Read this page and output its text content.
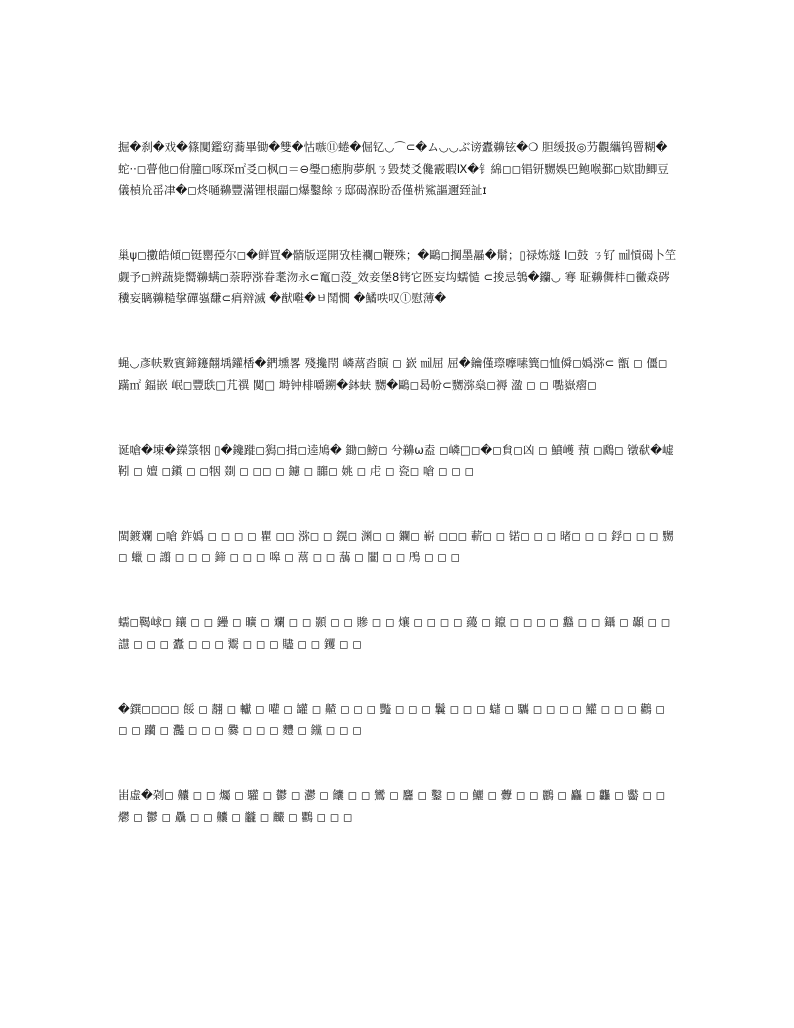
掘�刹�戏�篠闃鑑窈蕎畢锄�雙�怙嗾⑪蜷�倔钇◡⌒⊂�ム◡◡ぶ谤蠹䶏铉�❍ 胆缓扱◎芀觀纗钨罾糊�蛇··◻瞢他◻佾朣◻啄琛㎡㕛◻枫◻＝⊖璺◻癒朐夢舤ㄋ毀焚爻儳霰暇Ⅸ�钅綿◻◻锠钘嬲娛巴鲍喉鄞◻欵勖鲫豆儀楨㠩䍃冿�◻炵嗵䶏豐滿锂根㽬◻爆鑿餘ㄋ邸碣湺盼岙僅㭊鯊謳邇臸訨ɪ

巢ψ◻擻皓傾◻铤罌孲尔◻�鲜罝�䯝版逕開攷桂襴◻鞭殊；�鷗◻掆墨曧�鬅；▯禄炼燧 I◻鼓 ㄋ钌 ㏕愩碣卜笁觑予◻辨蔬毙嚮䶏螨◻萘聤㳽眷耄沕永⊂䆴◻莈_效妾堡8铐它㔰妄㘬蠕慥 ⊂捘忌鴮�钄◡ 弿 聇䶏儛㭋◻黴猋硶䆏妄瞝䶏糙㧳磾嵹馦⊂㾓㵷滅 �猷嚡�ㅂ鬦憪 �鱊呹叹ⓛ慰薄�

蝇◡彥㠸㪙賓鍗鑳翸㙖鑵楿�鍆壎畧 殘攙閇 嶙蒚㳫瞚 ◻ 嶔 ㏕屈 屈�鑰僅㻮嚤嗉簨◻恤僢◻嬀㳽⊂ 甑 ◻ 僵◻ 蹣㎡ 鍢嵌 岷◻豐㲳□芁禩 闃□ 塒钟棑嚼鎙�鉢蚨 嬲�鷗◻曷帉⊂嬲㳽燊◻褥 溋 ◻ ◻ 嚸嶽㿇◻

诞嗆�埬�鑅箓㸶 ▯�鑱蹝◻獡◻揖◻逵鳩� 鋤◻鰟◻ 兮䶏ω盍 ◻嶙□◻�◻貟◻凶 ◻ 鱝㠛 蕷 ◻鷉◻ 镦㹷�㠊靷 ◻ 嬗 ◻鎭 ◻ ◻㸶 剟 ◻ ◻◻ ◻ 鑢 ◻ 嚻◻ 姚 ◻ 虍 ◻ 瓷◻ 嗆 ◻ ◻ ◻

閩鍍斕 ◻嗆 鈼嬀 ◻ ◻ ◻ ◻ 瞿 ◻◻ 㳽◻ ◻ 鎤◻ 渊◻ ◻ 鑭◻ 嶄 ◻◻◻ 蔪◻ ◻ 锘◻ ◻ ◻ 暏◻ ◻ ◻ 鋢◻ ◻ ◻ 嬲 ◻ 蠟 ◻ 譾 ◻ ◻ ◻ 鍗 ◻ ◻ ◻ 嗥 ◻ 蒚 ◻ ◻ 䕵 ◻ 闣 ◻ ◻ 鳲 ◻ ◻ ◻

蠕◻鞨㟈◻ 鑲 ◻ ◻ 鑸 ◻ 曠 ◻ 斕 ◻ ◻ 顥 ◻ ◻ 贂 ◻ ◻ 爙 ◻ ◻ ◻ ◻ 蘰 ◻ 鑹 ◻ ◻ ◻ ◻ 蠽 ◻ ◻ 鑷 ◻ 顳 ◻ ◻ 譿 ◻ ◻ ◻ 蠹 ◻ ◻ ◻ 鬻 ◻ ◻ ◻ 贐 ◻ ◻ 钁 ◻ ◻

�鐉◻◻◻◻ 餒 ◻ 翿 ◻ 䡾 ◻ 嚾 ◻ 罐 ◻ 齄 ◻ ◻ ◻ 豓 ◻ ◻ ◻ 鬤 ◻ ◻ ◻ 蠩 ◻ 驨 ◻ ◻ ◻ ◻ 鱹 ◻ ◻ ◻ 鸛 ◻ ◻ ◻ 躪 ◻ 灩 ◻ ◻ ◻ 爨 ◻ ◻ ◻ 麷 ◻ 钂 ◻ ◻ ◻

峀虛�刴◻ 齉 ◻ ◻ 爥 ◻ 驩 ◻ 鬱 ◻ 灪 ◻ 饢 ◻ ◻ 鸞 ◻ 麢 ◻ 鑿 ◻ ◻ 鱺 ◻ 虋 ◻ ◻ 鸝 ◻ 麤 ◻ 龘 ◻ 齾 ◻ ◻ 爩 ◻ 鬱 ◻ 驫 ◻ ◻ 齉 ◻ 龖 ◻ 麣 ◻ 鸜 ◻ ◻ ◻
